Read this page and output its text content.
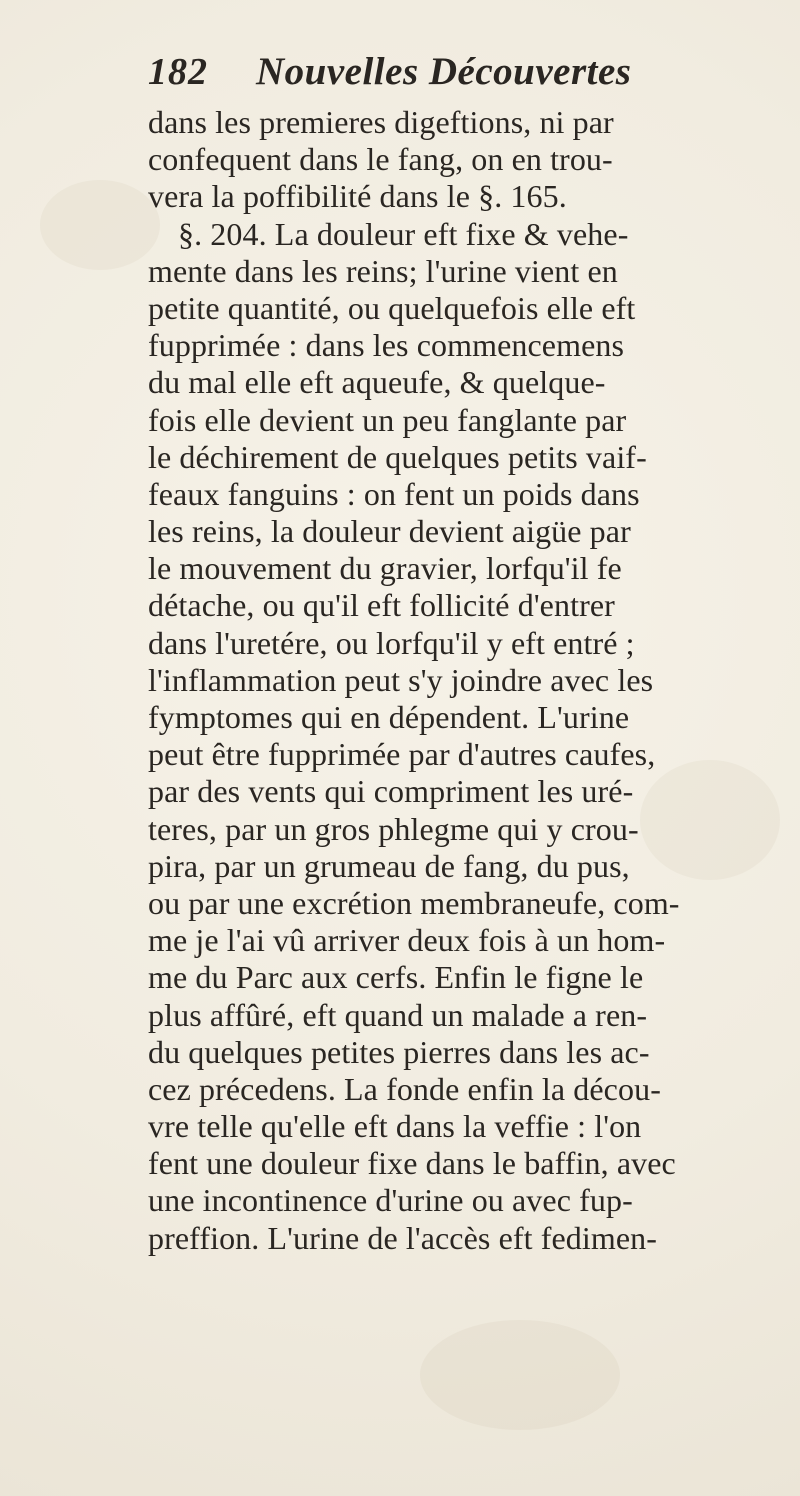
182 Nouvelles Découvertes
dans les premieres digeftions, ni par
confequent dans le fang, on en trou-
vera la poffibilité dans le §. 165.
§. 204. La douleur eft fixe & vehe-
mente dans les reins; l'urine vient en
petite quantité, ou quelquefois elle eft
fupprimée : dans les commencemens
du mal elle eft aqueufe, & quelque-
fois elle devient un peu fanglante par
le déchirement de quelques petits vaif-
feaux fanguins : on fent un poids dans
les reins, la douleur devient aigüe par
le mouvement du gravier, lorfqu'il fe
détache, ou qu'il eft follicité d'entrer
dans l'uretére, ou lorfqu'il y eft entré ;
l'inflammation peut s'y joindre avec les
fymptomes qui en dépendent. L'urine
peut être fupprimée par d'autres caufes,
par des vents qui compriment les uré-
teres, par un gros phlegme qui y crou-
pira, par un grumeau de fang, du pus,
ou par une excrétion membraneufe, com-
me je l'ai vû arriver deux fois à un hom-
me du Parc aux cerfs. Enfin le figne le
plus affûré, eft quand un malade a ren-
du quelques petites pierres dans les ac-
cez précedens. La fonde enfin la décou-
vre telle qu'elle eft dans la veffie : l'on
fent une douleur fixe dans le baffin, avec
une incontinence d'urine ou avec fup-
preffion. L'urine de l'accès eft fedimen-
